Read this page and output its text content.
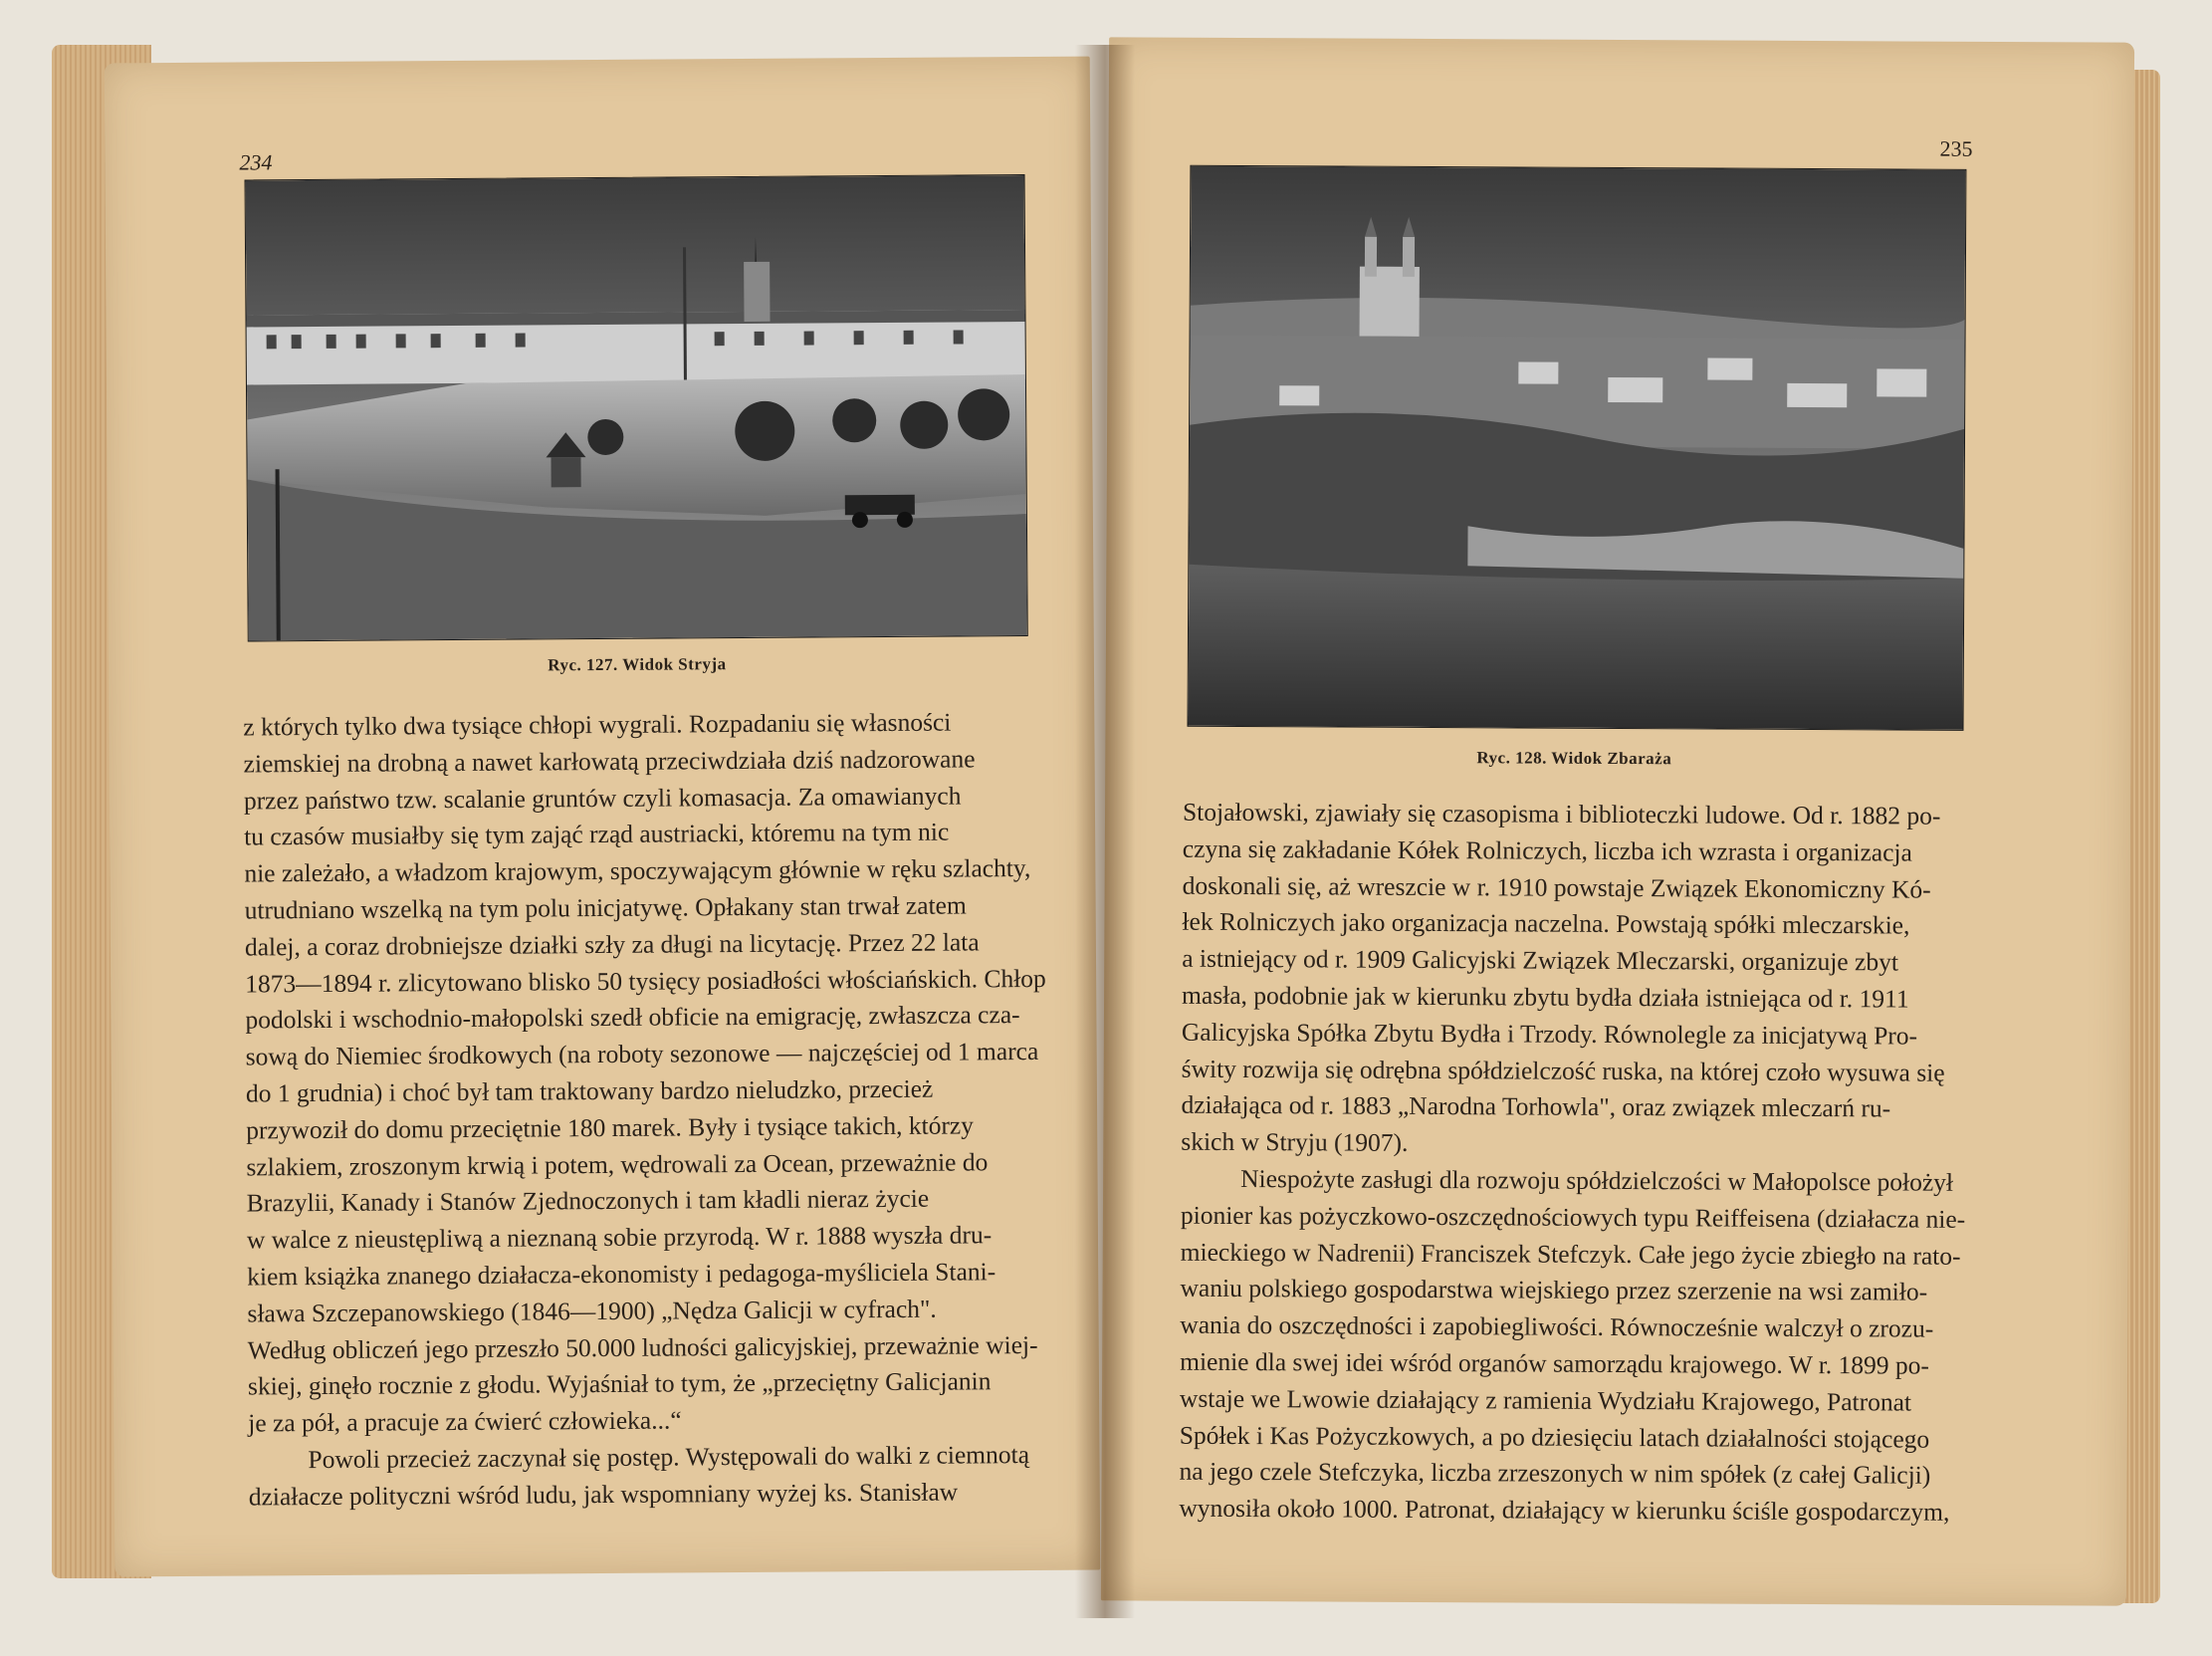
234
Ryc. 127. Widok Stryja
z których tylko dwa tysiące chłopi wygrali. Rozpadaniu się własności
ziemskiej na drobną a nawet karłowatą przeciwdziała dziś nadzorowane
przez państwo tzw. scalanie gruntów czyli komasacja. Za omawianych
tu czasów musiałby się tym zająć rząd austriacki, któremu na tym nic
nie zależało, a władzom krajowym, spoczywającym głównie w ręku szlachty,
utrudniano wszelką na tym polu inicjatywę. Opłakany stan trwał zatem
dalej, a coraz drobniejsze działki szły za długi na licytację. Przez 22 lata
1873—1894 r. zlicytowano blisko 50 tysięcy posiadłości włościańskich. Chłop
podolski i wschodnio-małopolski szedł obficie na emigrację, zwłaszcza cza-
sową do Niemiec środkowych (na roboty sezonowe — najczęściej od 1 marca
do 1 grudnia) i choć był tam traktowany bardzo nieludzko, przecież
przywoził do domu przeciętnie 180 marek. Były i tysiące takich, którzy
szlakiem, zroszonym krwią i potem, wędrowali za Ocean, przeważnie do
Brazylii, Kanady i Stanów Zjednoczonych i tam kładli nieraz życie
w walce z nieustępliwą a nieznaną sobie przyrodą. W r. 1888 wyszła dru-
kiem książka znanego działacza-ekonomisty i pedagoga-myśliciela Stani-
sława Szczepanowskiego (1846—1900) „Nędza Galicji w cyfrach".
Według obliczeń jego przeszło 50.000 ludności galicyjskiej, przeważnie wiej-
skiej, ginęło rocznie z głodu. Wyjaśniał to tym, że „przeciętny Galicjanin
je za pół, a pracuje za ćwierć człowieka...“
Powoli przecież zaczynał się postęp. Występowali do walki z ciemnotą
działacze polityczni wśród ludu, jak wspomniany wyżej ks. Stanisław
235
Ryc. 128. Widok Zbaraża
Stojałowski, zjawiały się czasopisma i biblioteczki ludowe. Od r. 1882 po-
czyna się zakładanie Kółek Rolniczych, liczba ich wzrasta i organizacja
doskonali się, aż wreszcie w r. 1910 powstaje Związek Ekonomiczny Kó-
łek Rolniczych jako organizacja naczelna. Powstają spółki mleczarskie,
a istniejący od r. 1909 Galicyjski Związek Mleczarski, organizuje zbyt
masła, podobnie jak w kierunku zbytu bydła działa istniejąca od r. 1911
Galicyjska Spółka Zbytu Bydła i Trzody. Równolegle za inicjatywą Pro-
świty rozwija się odrębna spółdzielczość ruska, na której czoło wysuwa się
działająca od r. 1883 „Narodna Torhowla", oraz związek mleczarń ru-
skich w Stryju (1907).
Niespożyte zasługi dla rozwoju spółdzielczości w Małopolsce położył
pionier kas pożyczkowo-oszczędnościowych typu Reiffeisena (działacza nie-
mieckiego w Nadrenii) Franciszek Stefczyk. Całe jego życie zbiegło na rato-
waniu polskiego gospodarstwa wiejskiego przez szerzenie na wsi zamiło-
wania do oszczędności i zapobiegliwości. Równocześnie walczył o zrozu-
mienie dla swej idei wśród organów samorządu krajowego. W r. 1899 po-
wstaje we Lwowie działający z ramienia Wydziału Krajowego, Patronat
Spółek i Kas Pożyczkowych, a po dziesięciu latach działalności stojącego
na jego czele Stefczyka, liczba zrzeszonych w nim spółek (z całej Galicji)
wynosiła około 1000. Patronat, działający w kierunku ściśle gospodarczym,
